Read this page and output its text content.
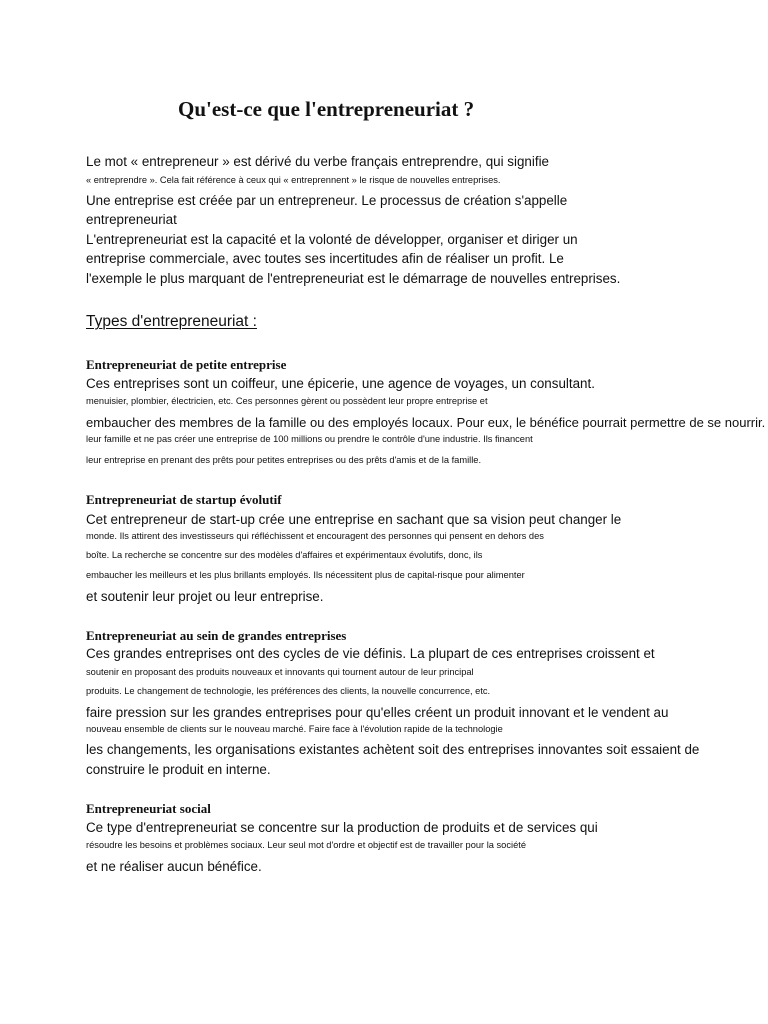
Qu'est-ce que l'entrepreneuriat ?
Le mot « entrepreneur » est dérivé du verbe français entreprendre, qui signifie
« entreprendre ». Cela fait référence à ceux qui « entreprennent » le risque de nouvelles entreprises.
Une entreprise est créée par un entrepreneur. Le processus de création s'appelle
entrepreneuriat
L'entrepreneuriat est la capacité et la volonté de développer, organiser et diriger un
entreprise commerciale, avec toutes ses incertitudes afin de réaliser un profit. Le
l'exemple le plus marquant de l'entrepreneuriat est le démarrage de nouvelles entreprises.
Types d'entrepreneuriat :
Entrepreneuriat de petite entreprise
Ces entreprises sont un coiffeur, une épicerie, une agence de voyages, un consultant.
menuisier, plombier, électricien, etc. Ces personnes gèrent ou possèdent leur propre entreprise et
embaucher des membres de la famille ou des employés locaux. Pour eux, le bénéfice pourrait permettre de se nourrir.
leur famille et ne pas créer une entreprise de 100 millions ou prendre le contrôle d'une industrie. Ils financent
leur entreprise en prenant des prêts pour petites entreprises ou des prêts d'amis et de la famille.
Entrepreneuriat de startup évolutif
Cet entrepreneur de start-up crée une entreprise en sachant que sa vision peut changer le
monde. Ils attirent des investisseurs qui réfléchissent et encouragent des personnes qui pensent en dehors des
boîte. La recherche se concentre sur des modèles d'affaires et expérimentaux évolutifs, donc, ils
embaucher les meilleurs et les plus brillants employés. Ils nécessitent plus de capital-risque pour alimenter
et soutenir leur projet ou leur entreprise.
Entrepreneuriat au sein de grandes entreprises
Ces grandes entreprises ont des cycles de vie définis. La plupart de ces entreprises croissent et
soutenir en proposant des produits nouveaux et innovants qui tournent autour de leur principal
produits. Le changement de technologie, les préférences des clients, la nouvelle concurrence, etc.
faire pression sur les grandes entreprises pour qu'elles créent un produit innovant et le vendent au
nouveau ensemble de clients sur le nouveau marché. Faire face à l'évolution rapide de la technologie
les changements, les organisations existantes achètent soit des entreprises innovantes soit essaient de
construire le produit en interne.
Entrepreneuriat social
Ce type d'entrepreneuriat se concentre sur la production de produits et de services qui
résoudre les besoins et problèmes sociaux. Leur seul mot d'ordre et objectif est de travailler pour la société
et ne réaliser aucun bénéfice.
